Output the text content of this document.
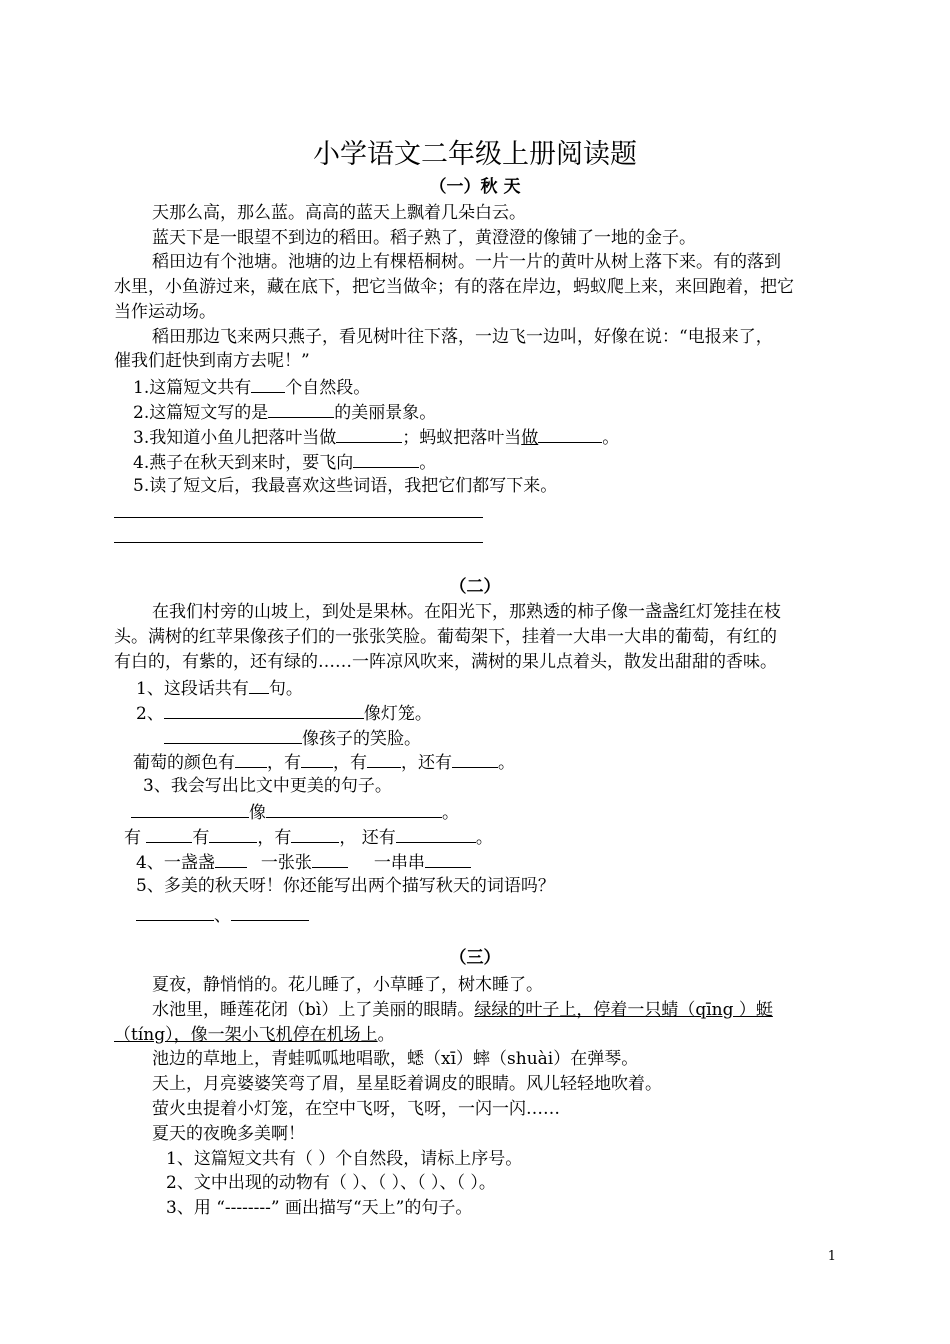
小学语文二年级上册阅读题
（一）秋 天
天那么高，那么蓝。高高的蓝天上飘着几朵白云。
蓝天下是一眼望不到边的稻田。稻子熟了，黄澄澄的像铺了一地的金子。
稻田边有个池塘。池塘的边上有棵梧桐树。一片一片的黄叶从树上落下来。有的落到
水里，小鱼游过来，藏在底下，把它当做伞；有的落在岸边，蚂蚁爬上来，来回跑着，把它
当作运动场。
稻田那边飞来两只燕子，看见树叶往下落，一边飞一边叫，好像在说：“电报来了，
催我们赶快到南方去呢！”
1.这篇短文共有 个自然段。
2.这篇短文写的是	的美丽景象。
3.我知道小鱼儿把落叶当做	；蚂蚁把落叶当做	。
4.燕子在秋天到来时，要飞向	。
5.读了短文后，我最喜欢这些词语，我把它们都写下来。
（二）
在我们村旁的山坡上，到处是果林。在阳光下，那熟透的柿子像一盏盏红灯笼挂在枝
头。满树的红苹果像孩子们的一张张笑脸。葡萄架下，挂着一大串一大串的葡萄，有红的
有白的，有紫的，还有绿的……一阵凉风吹来，满树的果儿点着头，散发出甜甜的香味。
1、这段话共有 句。
2、	像灯笼。
像孩子的笑脸。
葡萄的颜色有 ，有 ，有 ，还有	。
3、我会写出比文中更美的句子。
像	。
有	有	，有	， 还有	。
4、一盏盏	一张张	一串串
5、多美的秋天呀！你还能写出两个描写秋天的词语吗？
、
（三）
夏夜，静悄悄的。花儿睡了，小草睡了，树木睡了。
水池里，睡莲花闭（bì）上了美丽的眼睛。绿绿的叶子上，停着一只蜻（qīng ）蜓
（tíng），像一架小飞机停在机场上。
池边的草地上，青蛙呱呱地唱歌，蟋（xī）蟀（shuài）在弹琴。
天上，月亮婆婆笑弯了眉，星星眨着调皮的眼睛。风儿轻轻地吹着。
萤火虫提着小灯笼，在空中飞呀，飞呀，一闪一闪……
夏天的夜晚多美啊！
1、这篇短文共有（ ）个自然段，请标上序号。
2、文中出现的动物有（ ）、（ ）、（ ）、（ ）。
3、用 “--------” 画出描写“天上”的句子。
1
